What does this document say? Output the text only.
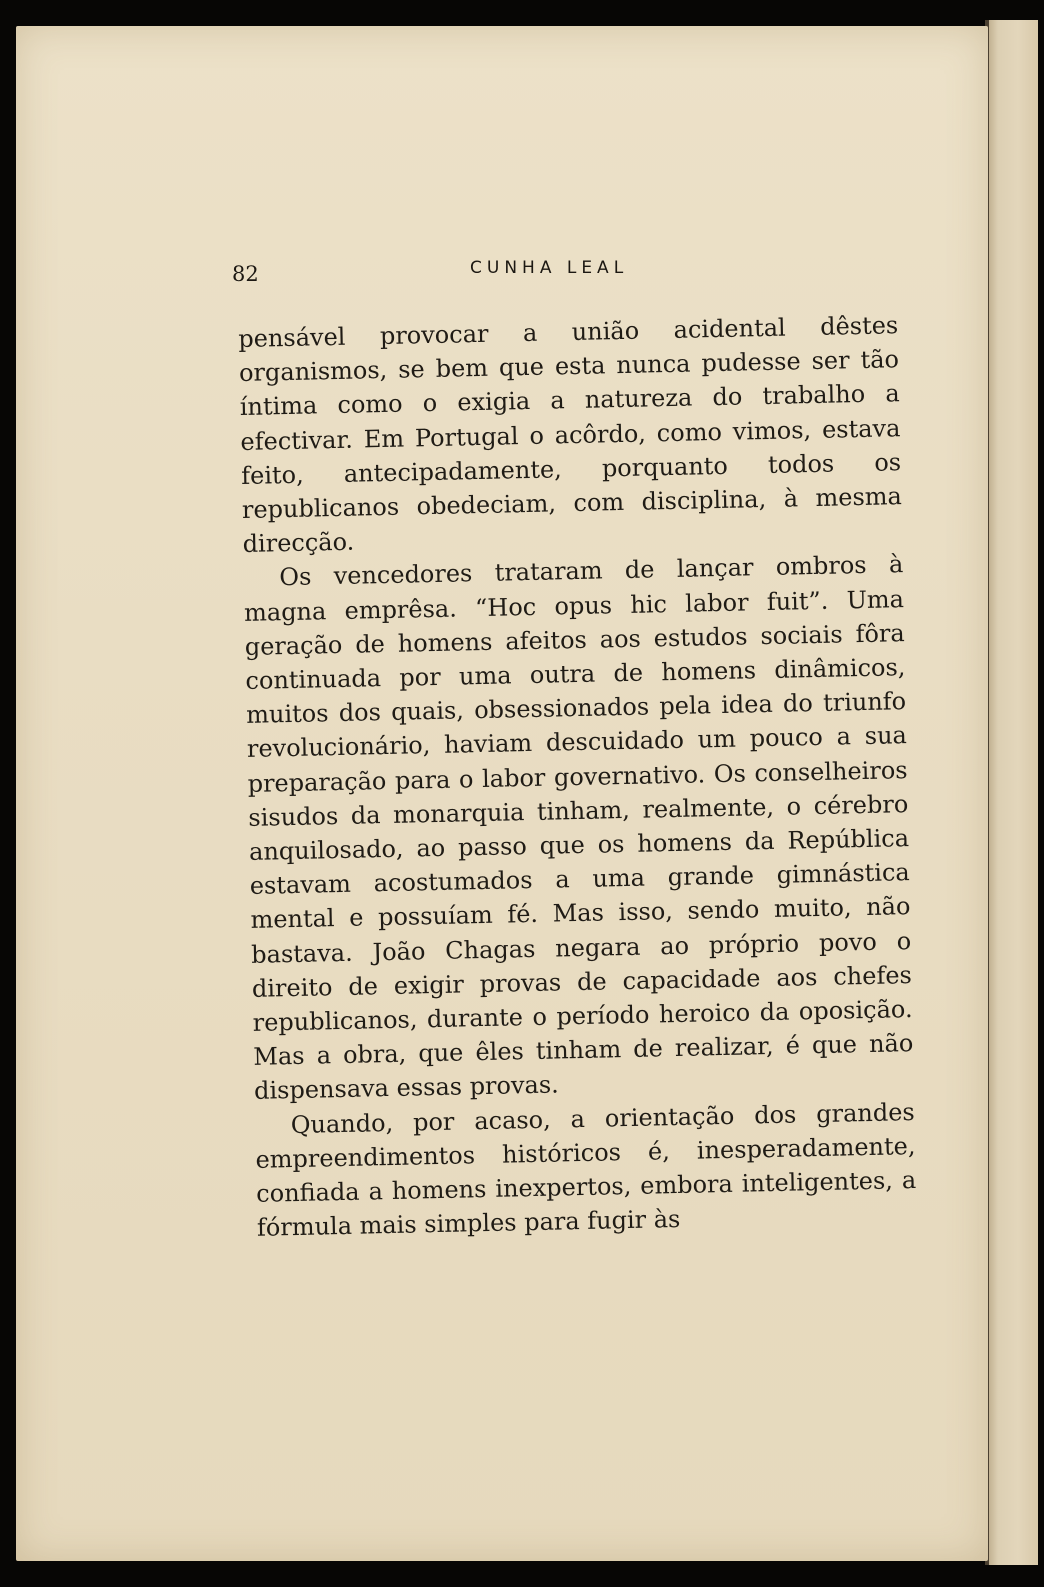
82	CUNHA LEAL

pensável provocar a união acidental dêstes organismos, se bem que esta nunca pudesse ser tão íntima como o exigia a natureza do trabalho a efectivar. Em Portugal o acôrdo, como vimos, estava feito, antecipadamente, porquanto todos os republicanos obedeciam, com disciplina, à mesma direcção.

Os vencedores trataram de lançar ombros à magna emprêsa. “Hoc opus hic labor fuit”. Uma geração de homens afeitos aos estudos sociais fôra continuada por uma outra de homens dinâmicos, muitos dos quais, obsessionados pela idea do triunfo revolucionário, haviam descuidado um pouco a sua preparação para o labor governativo. Os conselheiros sisudos da monarquia tinham, realmente, o cérebro anquilosado, ao passo que os homens da República estavam acostumados a uma grande gimnástica mental e possuíam fé. Mas isso, sendo muito, não bastava. João Chagas negara ao próprio povo o direito de exigir provas de capacidade aos chefes republicanos, durante o período heroico da oposição. Mas a obra, que êles tinham de realizar, é que não dispensava essas provas.

Quando, por acaso, a orientação dos grandes empreendimentos históricos é, inesperadamente, confiada a homens inexpertos, embora inteligentes, a fórmula mais simples para fugir às
